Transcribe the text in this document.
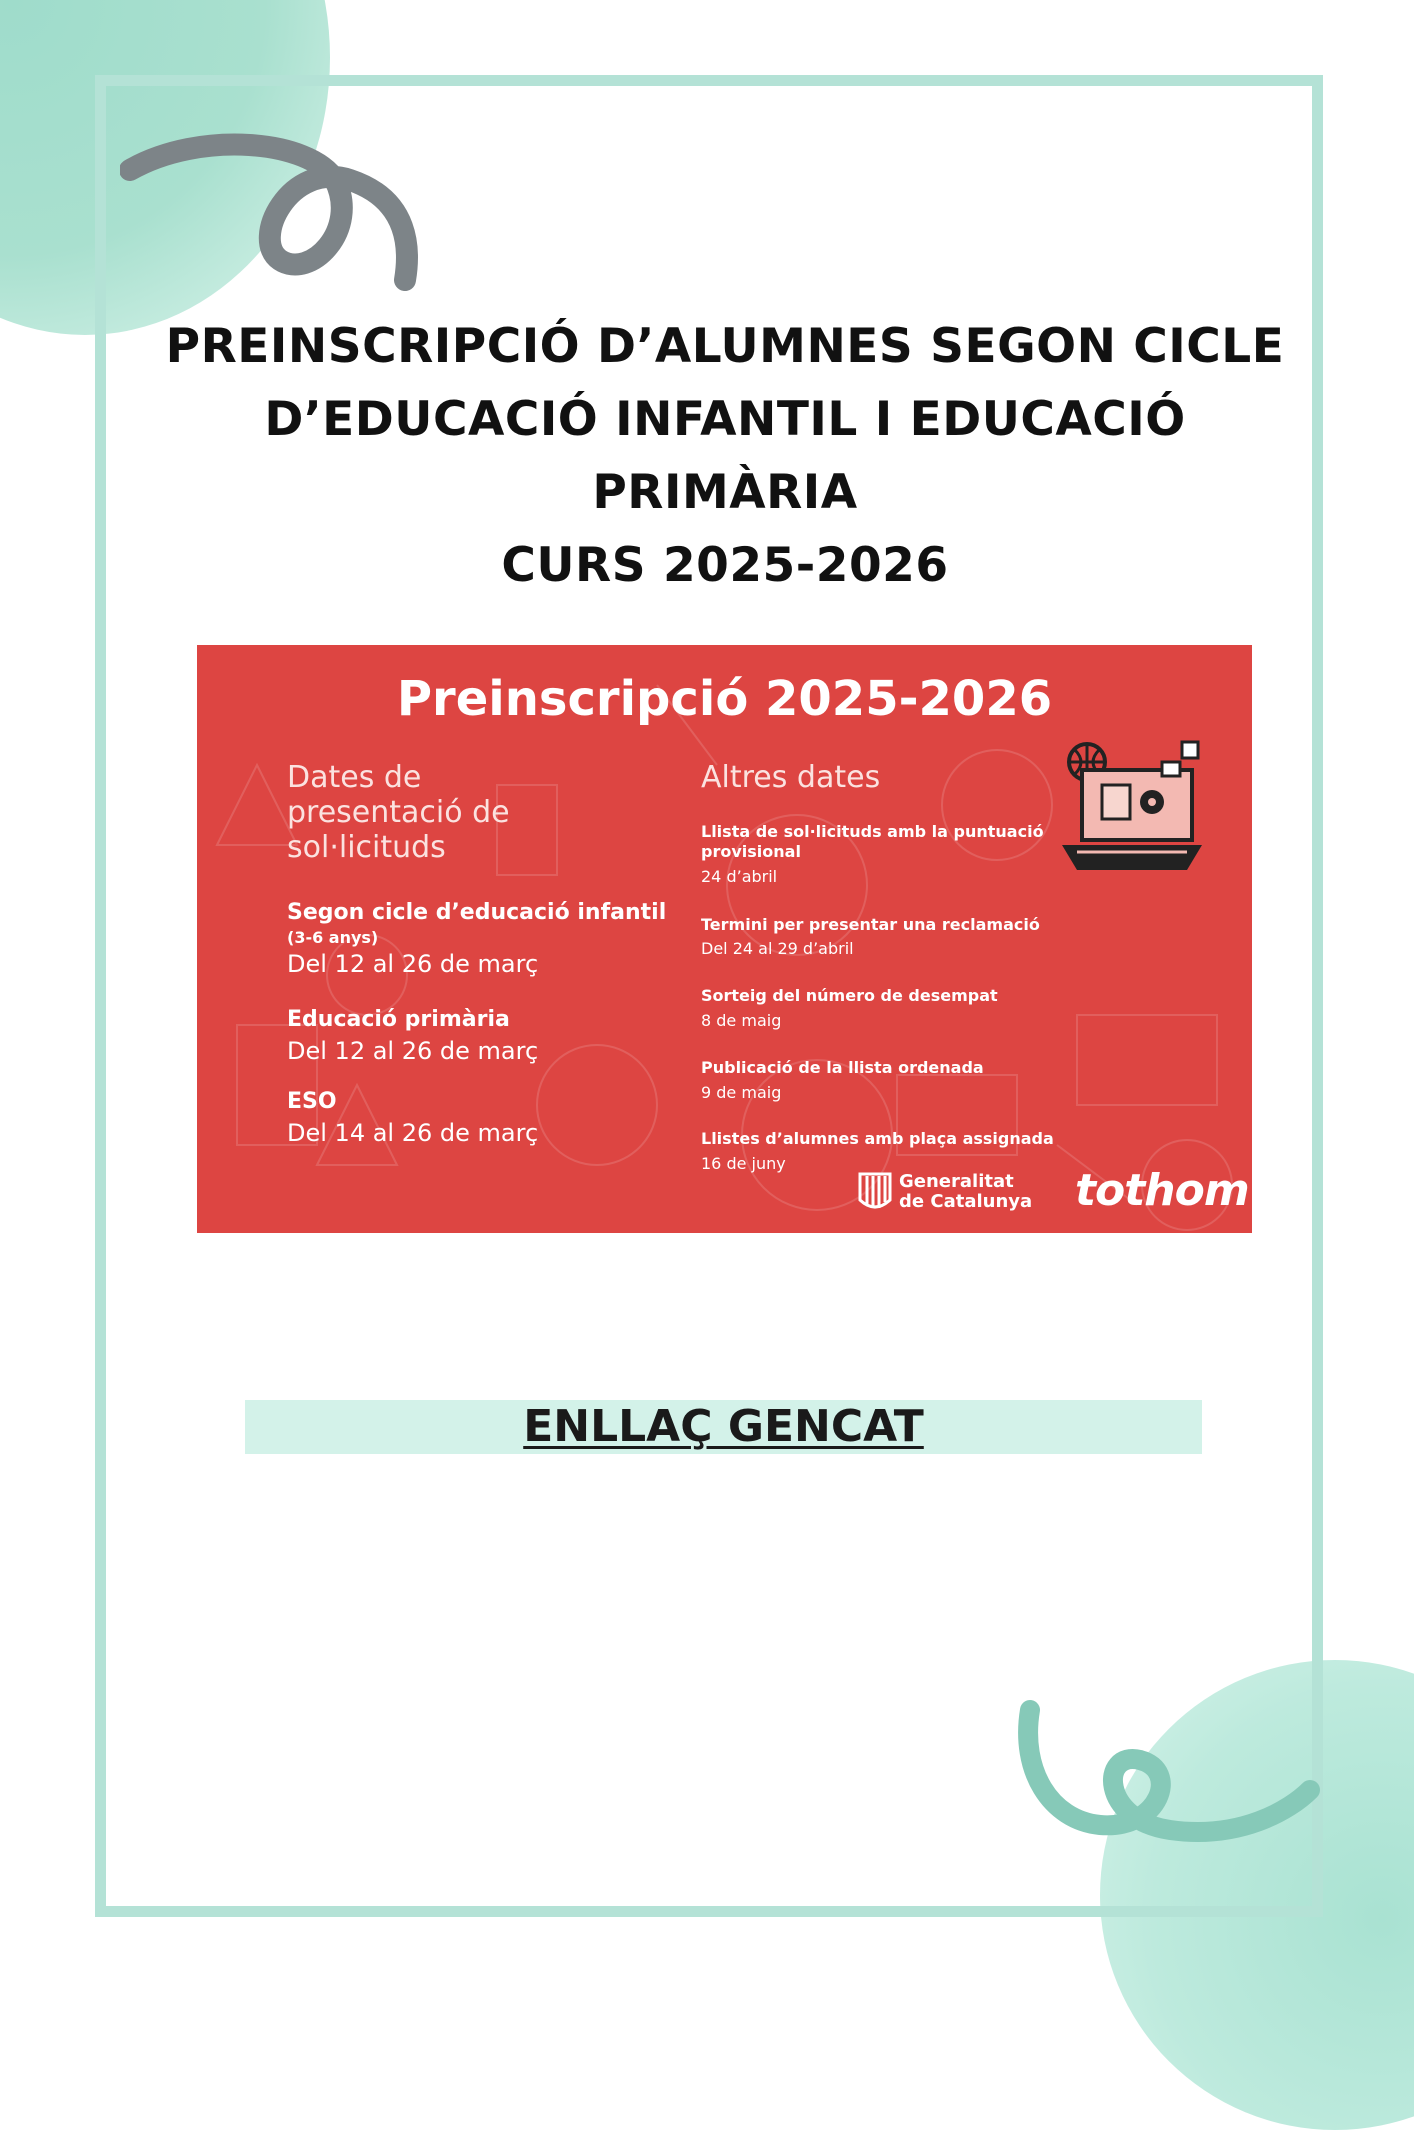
PREINSCRIPCIÓ D’ALUMNES SEGON CICLE
D’EDUCACIÓ INFANTIL I EDUCACIÓ
PRIMÀRIA
CURS 2025-2026
Preinscripció 2025-2026
Dates de
presentació de
sol·licituds
Segon cicle d’educació infantil
(3-6 anys)
Del 12 al 26 de març
Educació primària
Del 12 al 26 de març
ESO
Del 14 al 26 de març
Altres dates
Llista de sol·licituds amb la puntuació
provisional
24 d’abril
Termini per presentar una reclamació
Del 24 al 29 d’abril
Sorteig del número de desempat
8 de maig
Publicació de la llista ordenada
9 de maig
Llistes d’alumnes amb plaça assignada
16 de juny
Generalitat
de Catalunya tothom
ENLLAÇ GENCAT
